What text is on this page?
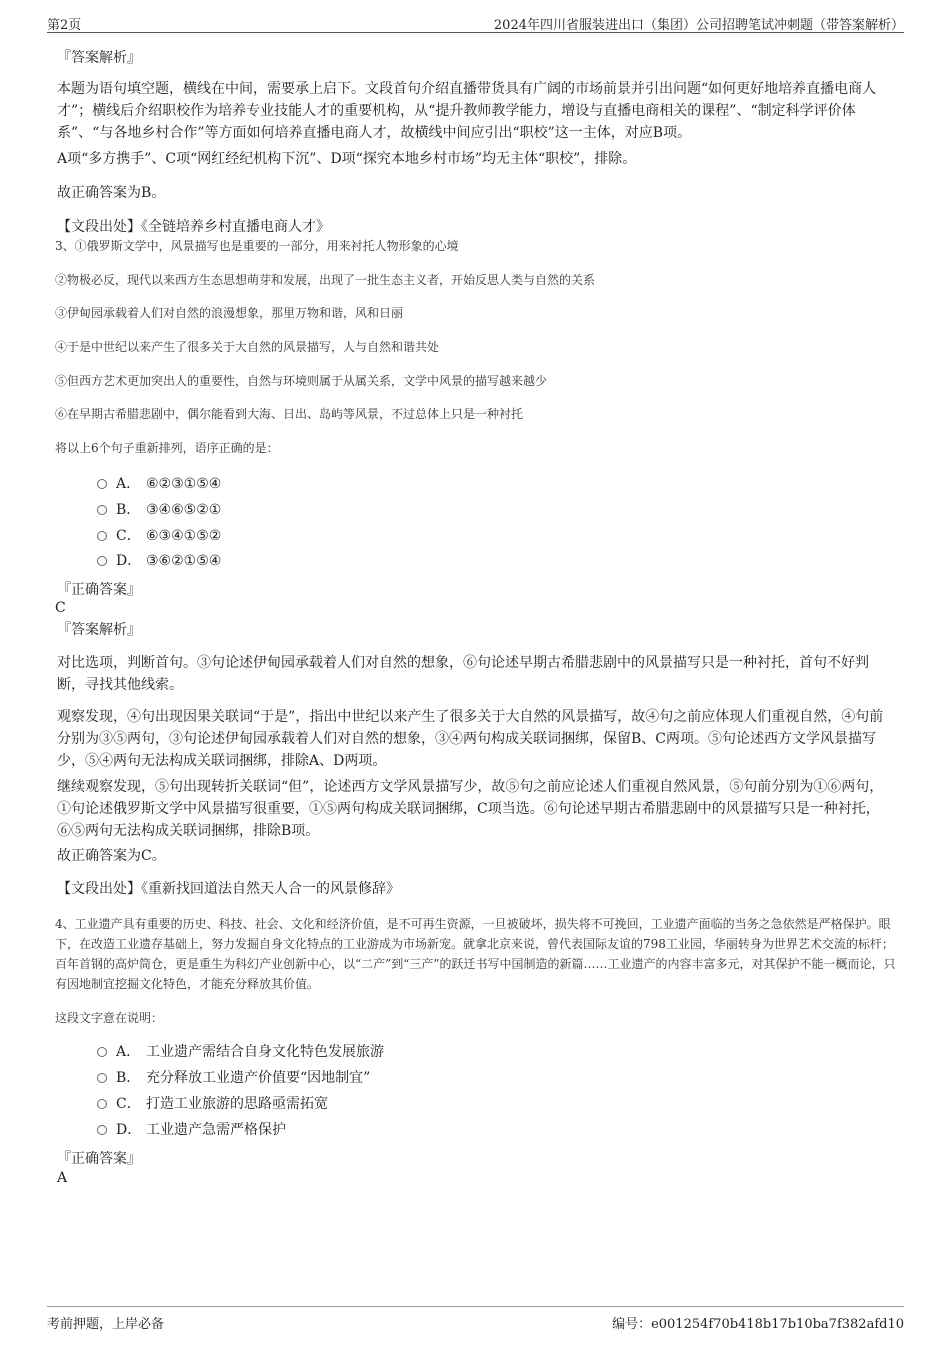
第2页	2024年四川省服装进出口（集团）公司招聘笔试冲刺题（带答案解析）
『答案解析』

本题为语句填空题，横线在中间，需要承上启下。文段首句介绍直播带货具有广阔的市场前景并引出问题“如何更好地培养直播电商人才”；横线后介绍职校作为培养专业技能人才的重要机构，从“提升教师教学能力，增设与直播电商相关的课程”、“制定科学评价体系”、“与各地乡村合作”等方面如何培养直播电商人才，故横线中间应引出“职校”这一主体，对应B项。

A项“多方携手”、C项“网红经纪机构下沉”、D项“探究本地乡村市场”均无主体“职校”，排除。

故正确答案为B。

【文段出处】《全链培养乡村直播电商人才》

3、①俄罗斯文学中，风景描写也是重要的一部分，用来衬托人物形象的心境

②物极必反，现代以来西方生态思想萌芽和发展，出现了一批生态主义者，开始反思人类与自然的关系

③伊甸园承载着人们对自然的浪漫想象，那里万物和谐，风和日丽

④于是中世纪以来产生了很多关于大自然的风景描写，人与自然和谐共处

⑤但西方艺术更加突出人的重要性，自然与环境则属于从属关系，文学中风景的描写越来越少

⑥在早期古希腊悲剧中，偶尔能看到大海、日出、岛屿等风景，不过总体上只是一种衬托

将以上6个句子重新排列，语序正确的是：

A． ⑥②③①⑤④
B． ③④⑥⑤②①
C． ⑥③④①⑤②
D． ③⑥②①⑤④
『正确答案』
C
『答案解析』

对比选项，判断首句。③句论述伊甸园承载着人们对自然的想象，⑥句论述早期古希腊悲剧中的风景描写只是一种衬托，首句不好判断，寻找其他线索。

观察发现，④句出现因果关联词“于是”，指出中世纪以来产生了很多关于大自然的风景描写，故④句之前应体现人们重视自然，④句前分别为③⑤两句，③句论述伊甸园承载着人们对自然的想象，③④两句构成关联词捆绑，保留B、C两项。⑤句论述西方文学风景描写少，⑤④两句无法构成关联词捆绑，排除A、D两项。

继续观察发现，⑤句出现转折关联词“但”，论述西方文学风景描写少，故⑤句之前应论述人们重视自然风景，⑤句前分别为①⑥两句，①句论述俄罗斯文学中风景描写很重要，①⑤两句构成关联词捆绑，C项当选。⑥句论述早期古希腊悲剧中的风景描写只是一种衬托，⑥⑤两句无法构成关联词捆绑，排除B项。

故正确答案为C。

【文段出处】《重新找回道法自然天人合一的风景修辞》

4、工业遗产具有重要的历史、科技、社会、文化和经济价值，是不可再生资源，一旦被破坏，损失将不可挽回，工业遗产面临的当务之急依然是严格保护。眼下，在改造工业遗存基础上，努力发掘自身文化特点的工业游成为市场新宠。就拿北京来说，曾代表国际友谊的798工业园，华丽转身为世界艺术交流的标杆；百年首钢的高炉筒仓，更是重生为科幻产业创新中心，以“二产”到“三产”的跃迁书写中国制造的新篇……工业遗产的内容丰富多元，对其保护不能一概而论，只有因地制宜挖掘文化特色，才能充分释放其价值。

这段文字意在说明：

A． 工业遗产需结合自身文化特色发展旅游
B． 充分释放工业遗产价值要“因地制宜”
C． 打造工业旅游的思路亟需拓宽
D． 工业遗产急需严格保护
『正确答案』
A
考前押题，上岸必备	编号：e001254f70b418b17b10ba7f382afd10
